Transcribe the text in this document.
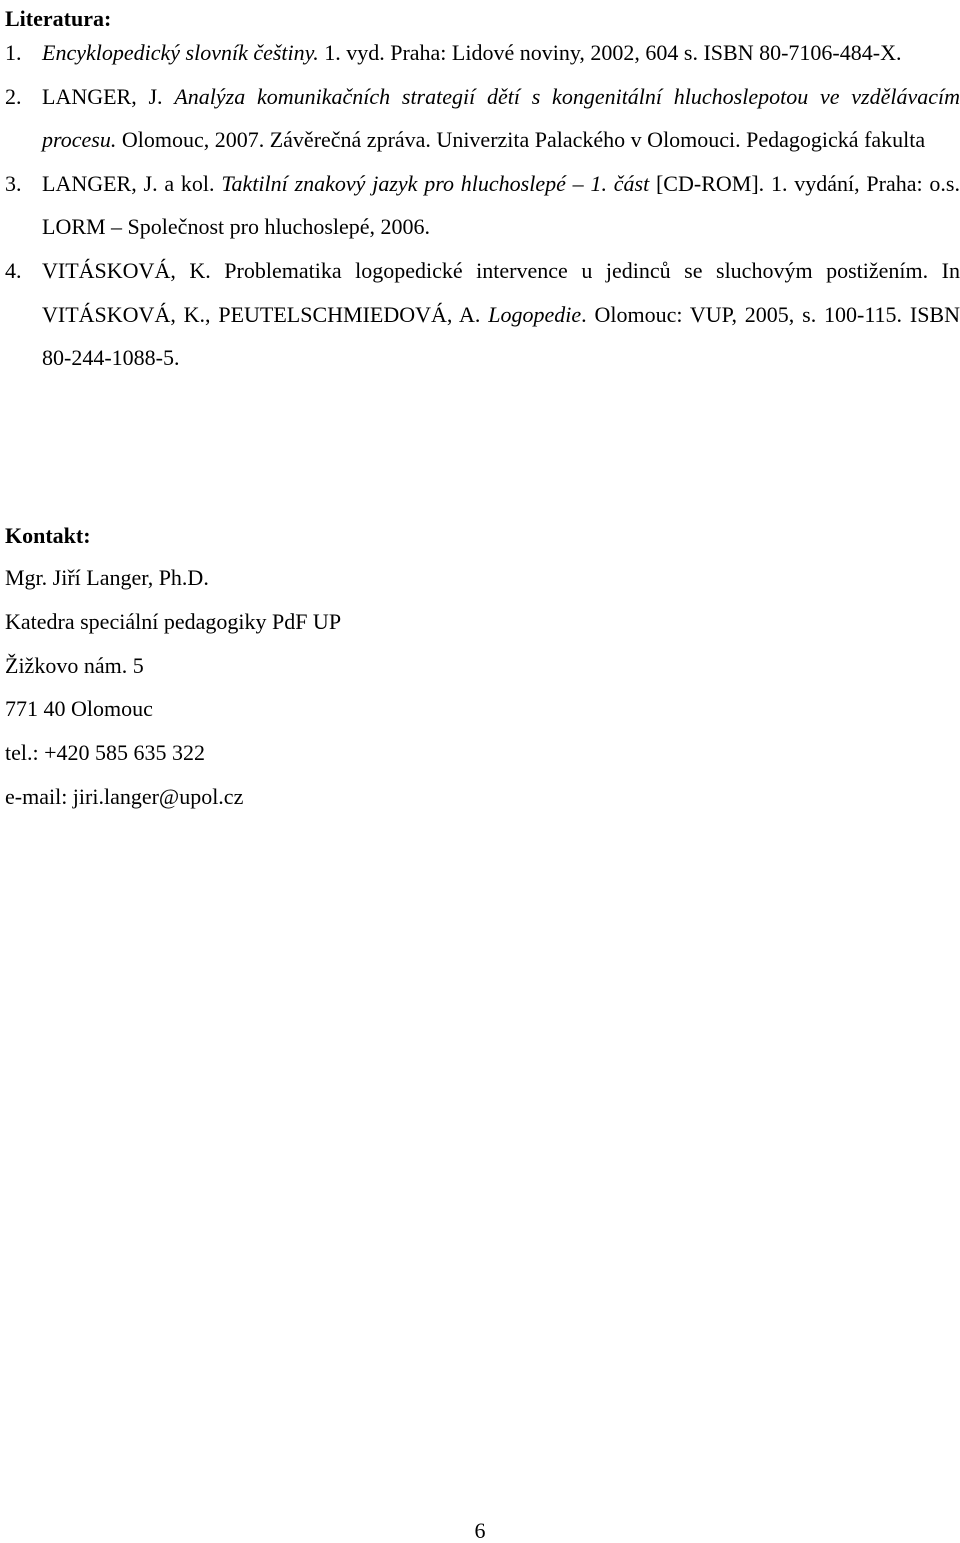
Literatura:
1. Encyklopedický slovník češtiny. 1. vyd. Praha: Lidové noviny, 2002, 604 s. ISBN 80-7106-484-X.
2. LANGER, J. Analýza komunikačních strategií dětí s kongenitální hluchoslepotou ve vzdělávacím procesu. Olomouc, 2007. Závěrečná zpráva. Univerzita Palackého v Olomouci. Pedagogická fakulta
3. LANGER, J. a kol. Taktilní znakový jazyk pro hluchoslepé – 1. část [CD-ROM]. 1. vydání, Praha: o.s. LORM – Společnost pro hluchoslepé, 2006.
4. VITÁSKOVÁ, K. Problematika logopedické intervence u jedinců se sluchovým postižením. In VITÁSKOVÁ, K., PEUTELSCHMIEDOVÁ, A. Logopedie. Olomouc: VUP, 2005, s. 100-115. ISBN 80-244-1088-5.
Kontakt:
Mgr. Jiří Langer, Ph.D.
Katedra speciální pedagogiky PdF UP
Žižkovo nám. 5
771 40 Olomouc
tel.: +420 585 635 322
e-mail: jiri.langer@upol.cz
6
